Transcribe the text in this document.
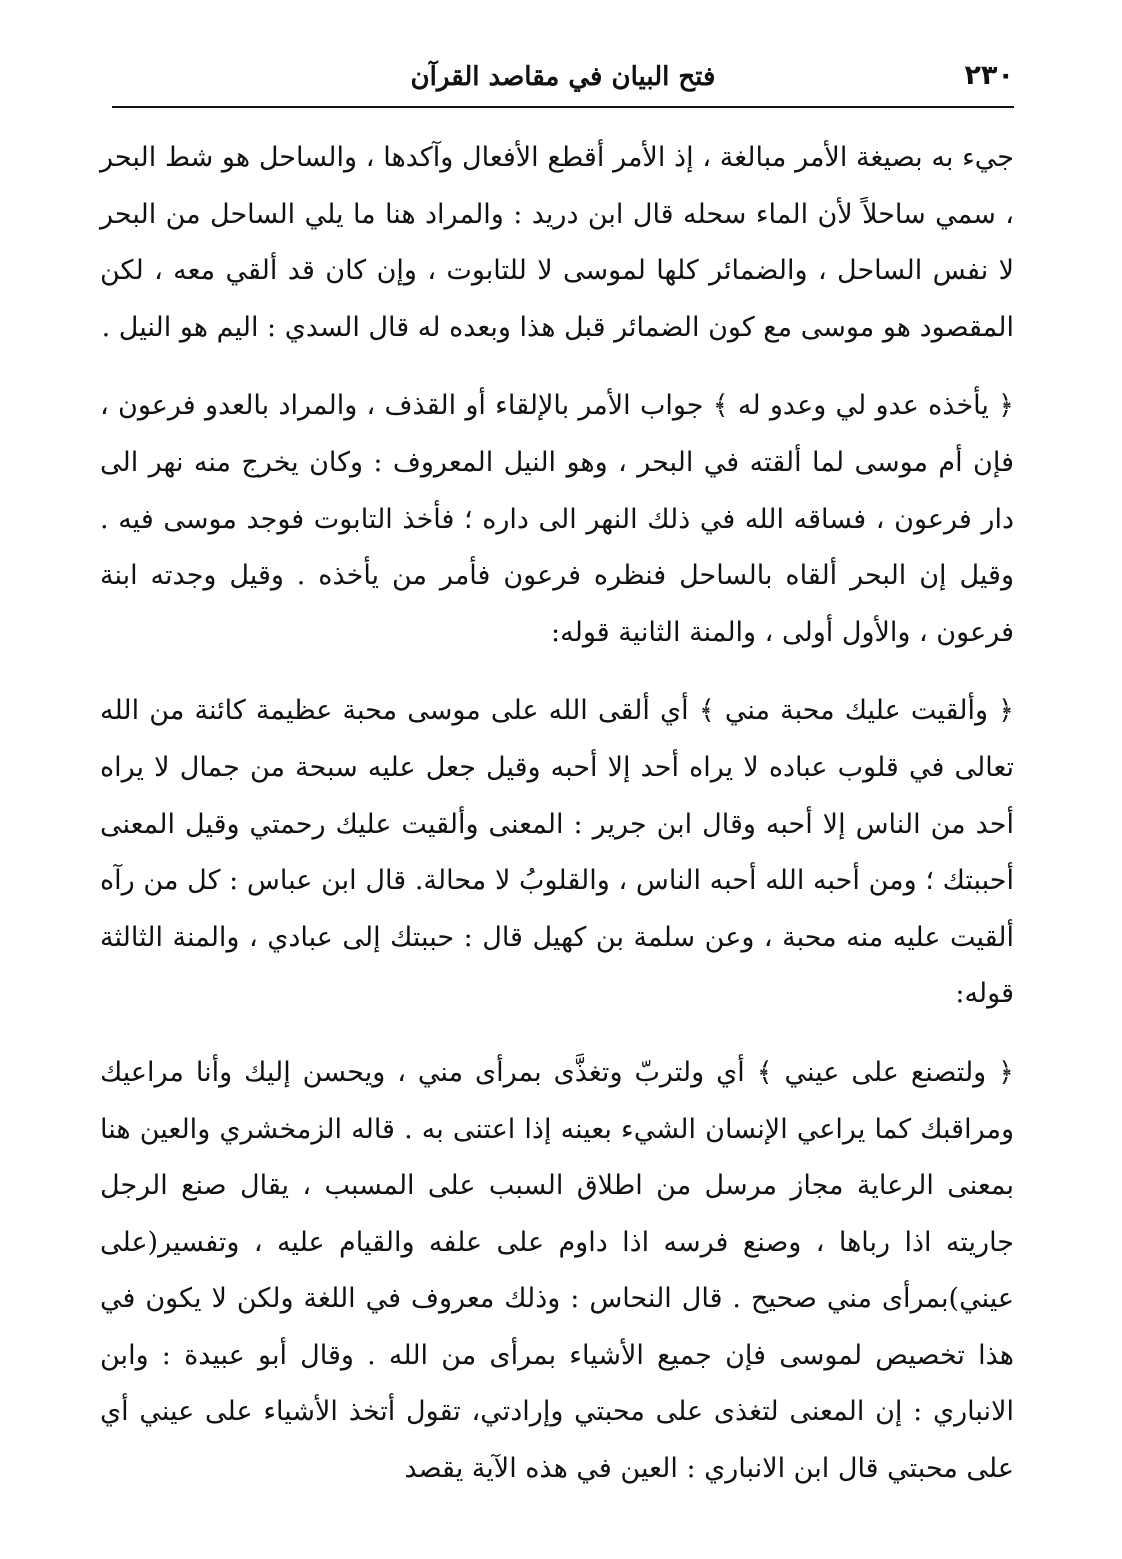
٢٣٠
فتح البيان في مقاصد القرآن

جيء به بصيغة الأمر مبالغة ، إذ الأمر أقطع الأفعال وآكدها ، والساحل هو شط البحر ، سمي ساحلاً لأن الماء سحله قال ابن دريد : والمراد هنا ما يلي الساحل من البحر لا نفس الساحل ، والضمائر كلها لموسى لا للتابوت ، وإن كان قد ألقي معه ، لكن المقصود هو موسى مع كون الضمائر قبل هذا وبعده له قال السدي : اليم هو النيل .

﴿ يأخذه عدو لي وعدو له ﴾ جواب الأمر بالإلقاء أو القذف ، والمراد بالعدو فرعون ، فإن أم موسى لما ألقته في البحر ، وهو النيل المعروف : وكان يخرج منه نهر الى دار فرعون ، فساقه الله في ذلك النهر الى داره ؛ فأخذ التابوت فوجد موسى فيه . وقيل إن البحر ألقاه بالساحل فنظره فرعون فأمر من يأخذه . وقيل وجدته ابنة فرعون ، والأول أولى ، والمنة الثانية قوله:

﴿ وألقيت عليك محبة مني ﴾ أي ألقى الله على موسى محبة عظيمة كائنة من الله تعالى في قلوب عباده لا يراه أحد إلا أحبه وقيل جعل عليه سبحة من جمال لا يراه أحد من الناس إلا أحبه وقال ابن جرير : المعنى وألقيت عليك رحمتي وقيل المعنى أحببتك ؛ ومن أحبه الله أحبه الناس ، والقلوبُ لا محالة. قال ابن عباس : كل من رآه ألقيت عليه منه محبة ، وعن سلمة بن كهيل قال : حببتك إلى عبادي ، والمنة الثالثة قوله:

﴿ ولتصنع على عيني ﴾ أي ولتربّ وتغذَّى بمرأى مني ، ويحسن إليك وأنا مراعيك ومراقبك كما يراعي الإنسان الشيء بعينه إذا اعتنى به . قاله الزمخشري والعين هنا بمعنى الرعاية مجاز مرسل من اطلاق السبب على المسبب ، يقال صنع الرجل جاريته اذا رباها ، وصنع فرسه اذا داوم على علفه والقيام عليه ، وتفسير(على عيني)بمرأى مني صحيح . قال النحاس : وذلك معروف في اللغة ولكن لا يكون في هذا تخصيص لموسى فإن جميع الأشياء بمرأى من الله . وقال أبو عبيدة : وابن الانباري : إن المعنى لتغذى على محبتي وإرادتي، تقول أتخذ الأشياء على عيني أي على محبتي قال ابن الانباري : العين في هذه الآية يقصد
